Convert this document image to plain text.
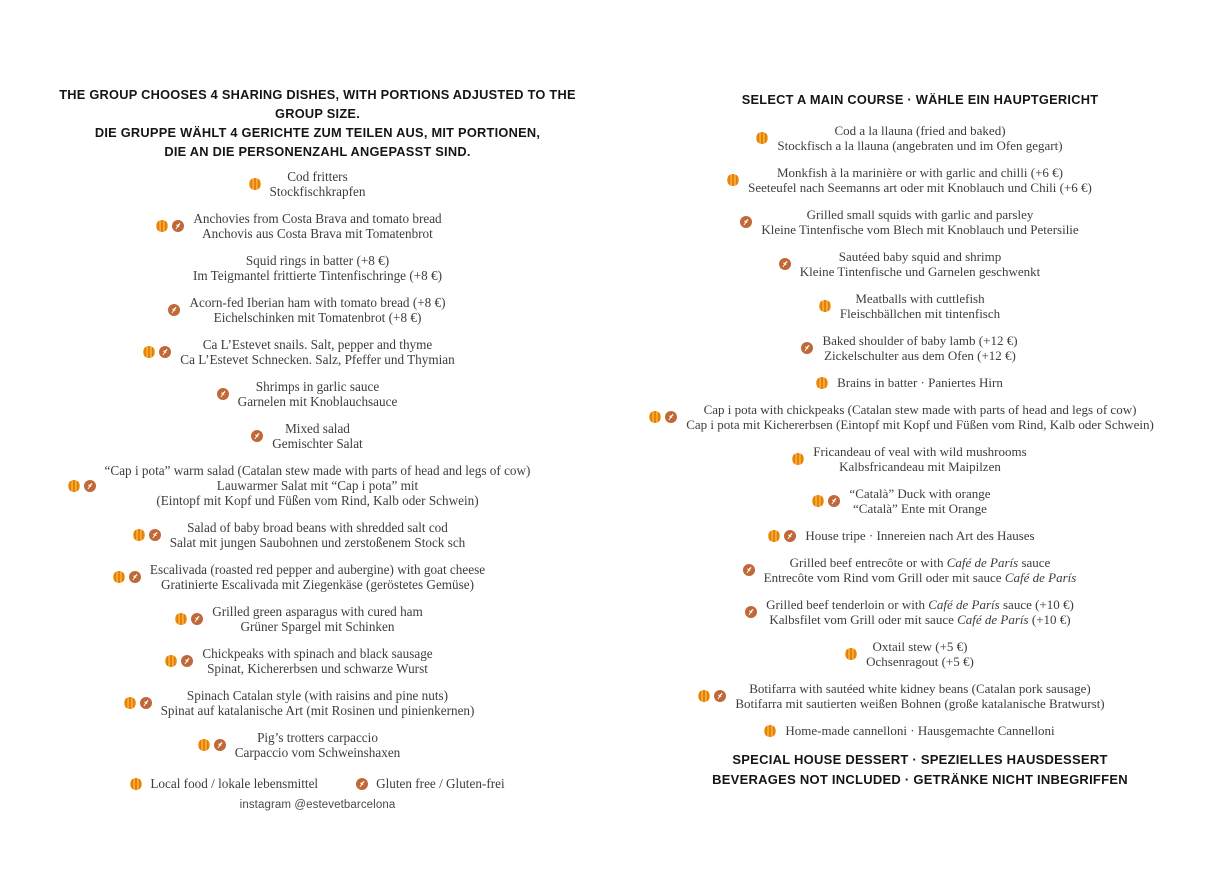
THE GROUP CHOOSES 4 SHARING DISHES, WITH PORTIONS ADJUSTED TO THE GROUP SIZE.
DIE GRUPPE WÄHLT 4 GERICHTE ZUM TEILEN AUS, MIT PORTIONEN,
DIE AN DIE PERSONENZAHL ANGEPASST SIND.
Cod fritters
Stockfischkrapfen
Anchovies from Costa Brava and tomato bread
Anchovis aus Costa Brava mit Tomatenbrot
Squid rings in batter (+8 €)
Im Teigmantel frittierte Tintenfischringe (+8 €)
Acorn-fed Iberian ham with tomato bread (+8 €)
Eichelschinken mit Tomatenbrot (+8 €)
Ca L’Estevet snails. Salt, pepper and thyme
Ca L’Estevet Schnecken. Salz, Pfeffer und Thymian
Shrimps in garlic sauce
Garnelen mit Knoblauchsauce
Mixed salad
Gemischter Salat
“Cap i pota” warm salad (Catalan stew made with parts of head and legs of cow)
Lauwarmer Salat mit “Cap i pota” mit
(Eintopf mit Kopf und Füßen vom Rind, Kalb oder Schwein)
Salad of baby broad beans with shredded salt cod
Salat mit jungen Saubohnen und zerstoßenem Stock sch
Escalivada (roasted red pepper and aubergine) with goat cheese
Gratinierte Escalivada mit Ziegenkäse (geröstetes Gemüse)
Grilled green asparagus with cured ham
Grüner Spargel mit Schinken
Chickpeaks with spinach and black sausage
Spinat, Kichererbsen und schwarze Wurst
Spinach Catalan style (with raisins and pine nuts)
Spinat auf katalanische Art (mit Rosinen und pinienkernen)
Pig’s trotters carpaccio
Carpaccio vom Schweinshaxen
Local food / lokale lebensmittel	Gluten free / Gluten-frei
instagram @estevetbarcelona
SELECT A MAIN COURSE · WÄHLE EIN HAUPTGERICHT
Cod a la llauna (fried and baked)
Stockfisch a la llauna (angebraten und im Ofen gegart)
Monkfish à la marinière or with garlic and chilli (+6 €)
Seeteufel nach Seemanns art oder mit Knoblauch und Chili (+6 €)
Grilled small squids with garlic and parsley
Kleine Tintenfische vom Blech mit Knoblauch und Petersilie
Sautéed baby squid and shrimp
Kleine Tintenfische und Garnelen geschwenkt
Meatballs with cuttlefish
Fleischbällchen mit tintenfisch
Baked shoulder of baby lamb (+12 €)
Zickelschulter aus dem Ofen (+12 €)
Brains in batter · Paniertes Hirn
Cap i pota with chickpeaks (Catalan stew made with parts of head and legs of cow)
Cap i pota mit Kichererbsen (Eintopf mit Kopf und Füßen vom Rind, Kalb oder Schwein)
Fricandeau of veal with wild mushrooms
Kalbsfricandeau mit Maipilzen
“Català” Duck with orange
“Català” Ente mit Orange
House tripe · Innereien nach Art des Hauses
Grilled beef entrecôte or with Café de París sauce
Entrecôte vom Rind vom Grill oder mit sauce Café de París
Grilled beef tenderloin or with Café de París sauce (+10 €)
Kalbsfilet vom Grill oder mit sauce Café de París (+10 €)
Oxtail stew (+5 €)
Ochsenragout (+5 €)
Botifarra with sautéed white kidney beans (Catalan pork sausage)
Botifarra mit sautierten weißen Bohnen (große katalanische Bratwurst)
Home-made cannelloni · Hausgemachte Cannelloni
SPECIAL HOUSE DESSERT · SPEZIELLES HAUSDESSERT
BEVERAGES NOT INCLUDED · GETRÄNKE NICHT INBEGRIFFEN
